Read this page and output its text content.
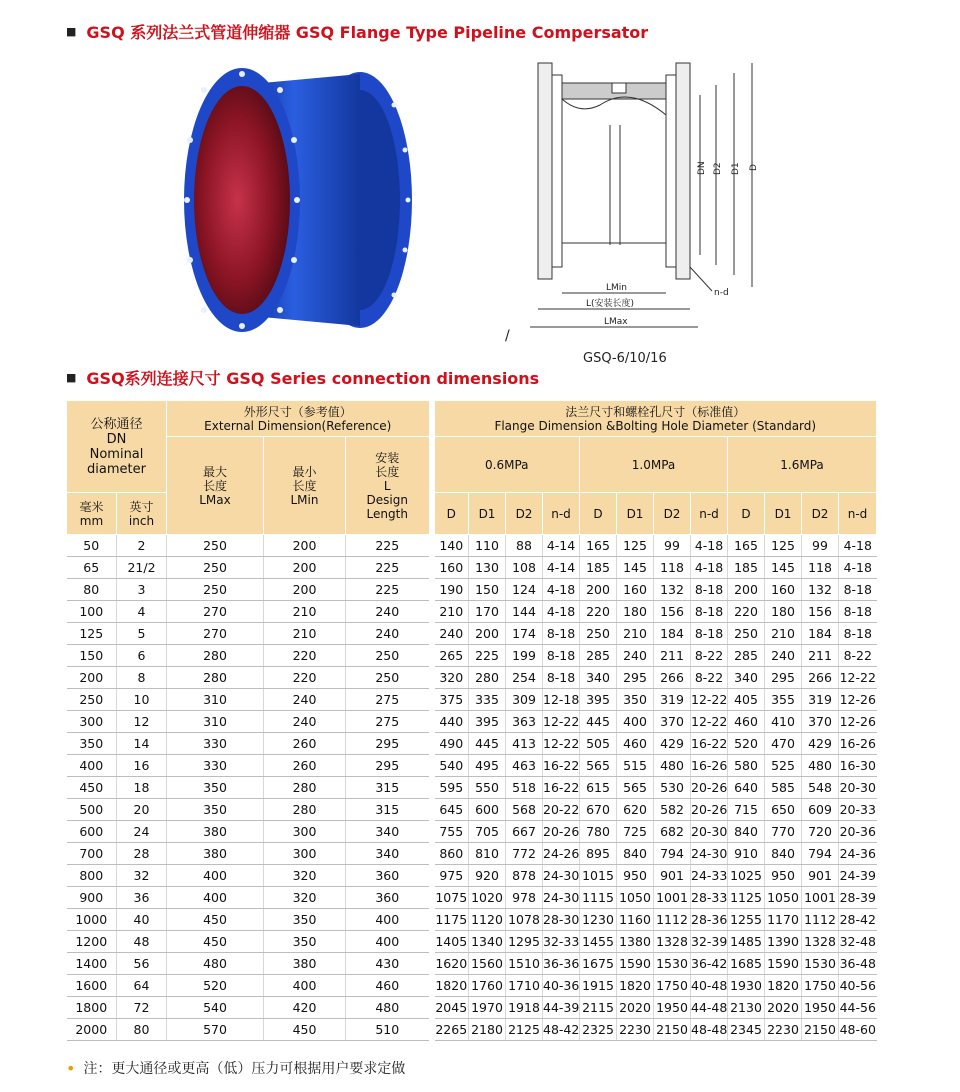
■ GSQ 系列法兰式管道伸缩器 GSQ Flange Type Pipeline Compersator
DN D2 D1 D
n-d
LMin
L(安装长度)
LMax
/
GSQ-6/10/16
■ GSQ系列连接尺寸 GSQ Series connection dimensions
公称通径
DN
Nominal
diameter		外形尺寸（参考值）
External Dimension(Reference)			法兰尺寸和螺栓孔尺寸（标准值）
Flange Dimension &Bolting Hole Diameter (Standard)											
		最大
长度
LMax	最小
长度
LMin	安装
长度
L
Design
Length	0.6MPa				1.0MPa				1.6MPa			
毫米
mm	英寸
inch				D	D1	D2	n-d	D	D1	D2	n-d	D	D1	D2	n-d
50	2	250	200	225	140	110	88	4-14	165	125	99	4-18	165	125	99	4-18
65	21/2	250	200	225	160	130	108	4-14	185	145	118	4-18	185	145	118	4-18
80	3	250	200	225	190	150	124	4-18	200	160	132	8-18	200	160	132	8-18
100	4	270	210	240	210	170	144	4-18	220	180	156	8-18	220	180	156	8-18
125	5	270	210	240	240	200	174	8-18	250	210	184	8-18	250	210	184	8-18
150	6	280	220	250	265	225	199	8-18	285	240	211	8-22	285	240	211	8-22
200	8	280	220	250	320	280	254	8-18	340	295	266	8-22	340	295	266	12-22
250	10	310	240	275	375	335	309	12-18	395	350	319	12-22	405	355	319	12-26
300	12	310	240	275	440	395	363	12-22	445	400	370	12-22	460	410	370	12-26
350	14	330	260	295	490	445	413	12-22	505	460	429	16-22	520	470	429	16-26
400	16	330	260	295	540	495	463	16-22	565	515	480	16-26	580	525	480	16-30
450	18	350	280	315	595	550	518	16-22	615	565	530	20-26	640	585	548	20-30
500	20	350	280	315	645	600	568	20-22	670	620	582	20-26	715	650	609	20-33
600	24	380	300	340	755	705	667	20-26	780	725	682	20-30	840	770	720	20-36
700	28	380	300	340	860	810	772	24-26	895	840	794	24-30	910	840	794	24-36
800	32	400	320	360	975	920	878	24-30	1015	950	901	24-33	1025	950	901	24-39
900	36	400	320	360	1075	1020	978	24-30	1115	1050	1001	28-33	1125	1050	1001	28-39
1000	40	450	350	400	1175	1120	1078	28-30	1230	1160	1112	28-36	1255	1170	1112	28-42
1200	48	450	350	400	1405	1340	1295	32-33	1455	1380	1328	32-39	1485	1390	1328	32-48
1400	56	480	380	430	1620	1560	1510	36-36	1675	1590	1530	36-42	1685	1590	1530	36-48
1600	64	520	400	460	1820	1760	1710	40-36	1915	1820	1750	40-48	1930	1820	1750	40-56
1800	72	540	420	480	2045	1970	1918	44-39	2115	2020	1950	44-48	2130	2020	1950	44-56
2000	80	570	450	510	2265	2180	2125	48-42	2325	2230	2150	48-48	2345	2230	2150	48-60
• 注：更大通径或更高（低）压力可根据用户要求定做
